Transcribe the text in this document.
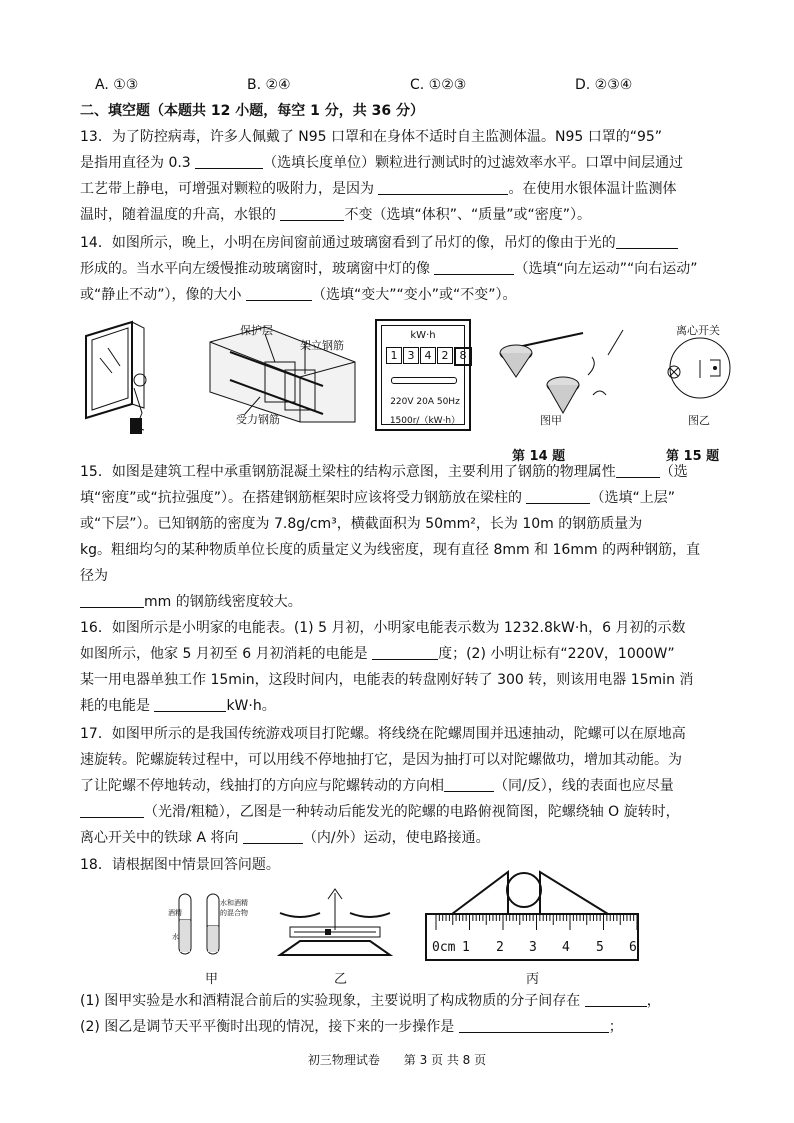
A. ①③	B. ②④	C. ①②③	D. ②③④
二、填空题（本题共 12 小题，每空 1 分，共 36 分）
13．为了防控病毒，许多人佩戴了 N95 口罩和在身体不适时自主监测体温。N95 口罩的“95”
是指用直径为 0.3	（选填长度单位）颗粒进行测试时的过滤效率水平。口罩中间层通过
工艺带上静电，可增强对颗粒的吸附力，是因为	。在使用水银体温计监测体
温时，随着温度的升高，水银的	不变（选填“体积”、“质量”或“密度”）。
14．如图所示，晚上，小明在房间窗前通过玻璃窗看到了吊灯的像，吊灯的像由于光的
形成的。当水平向左缓慢推动玻璃窗时，玻璃窗中灯的像	（选填“向左运动”“向右运动”
或“静止不动”），像的大小	（选填“变大”“变小”或“不变”）。
保护层
架立钢筋
受力钢筋
kW·h
1 3 4 2	8
220V 20A 50Hz
1500r/（kW·h）	图甲
离心开关
图乙
第 14 题	第 15 题
15．如图是建筑工程中承重钢筋混凝土梁柱的结构示意图，主要利用了钢筋的物理属性	（选
填“密度”或“抗拉强度”）。在搭建钢筋框架时应该将受力钢筋放在梁柱的	（选填“上层”
或“下层”）。已知钢筋的密度为 7.8g/cm³，横截面积为 50mm²，长为 10m 的钢筋质量为
kg。粗细均匀的某种物质单位长度的质量定义为线密度，现有直径 8mm 和 16mm 的两种钢筋，直
径为
mm 的钢筋线密度较大。
16．如图所示是小明家的电能表。(1) 5 月初，小明家电能表示数为 1232.8kW·h，6 月初的示数
如图所示，他家 5 月初至 6 月初消耗的电能是	度；(2) 小明让标有“220V，1000W”
某一用电器单独工作 15min，这段时间内，电能表的转盘刚好转了 300 转，则该用电器 15min 消
耗的电能是	kW·h。
17．如图甲所示的是我国传统游戏项目打陀螺。将线绕在陀螺周围并迅速抽动，陀螺可以在原地高
速旋转。陀螺旋转过程中，可以用线不停地抽打它，是因为抽打可以对陀螺做功，增加其动能。为
了让陀螺不停地转动，线抽打的方向应与陀螺转动的方向相	（同/反），线的表面也应尽量
（光滑/粗糙），乙图是一种转动后能发光的陀螺的电路俯视简图，陀螺绕轴 O 旋转时，
离心开关中的铁球 A 将向	（内/外）运动，使电路接通。
18．请根据图中情景回答问题。
酒精
水
水和酒精的混合物
甲	乙
0cm 1 2 3 4 5 6
丙
(1) 图甲实验是水和酒精混合前后的实验现象，主要说明了构成物质的分子间存在	，
(2) 图乙是调节天平平衡时出现的情况，接下来的一步操作是	；
初三物理试卷 第 3 页 共 8 页
